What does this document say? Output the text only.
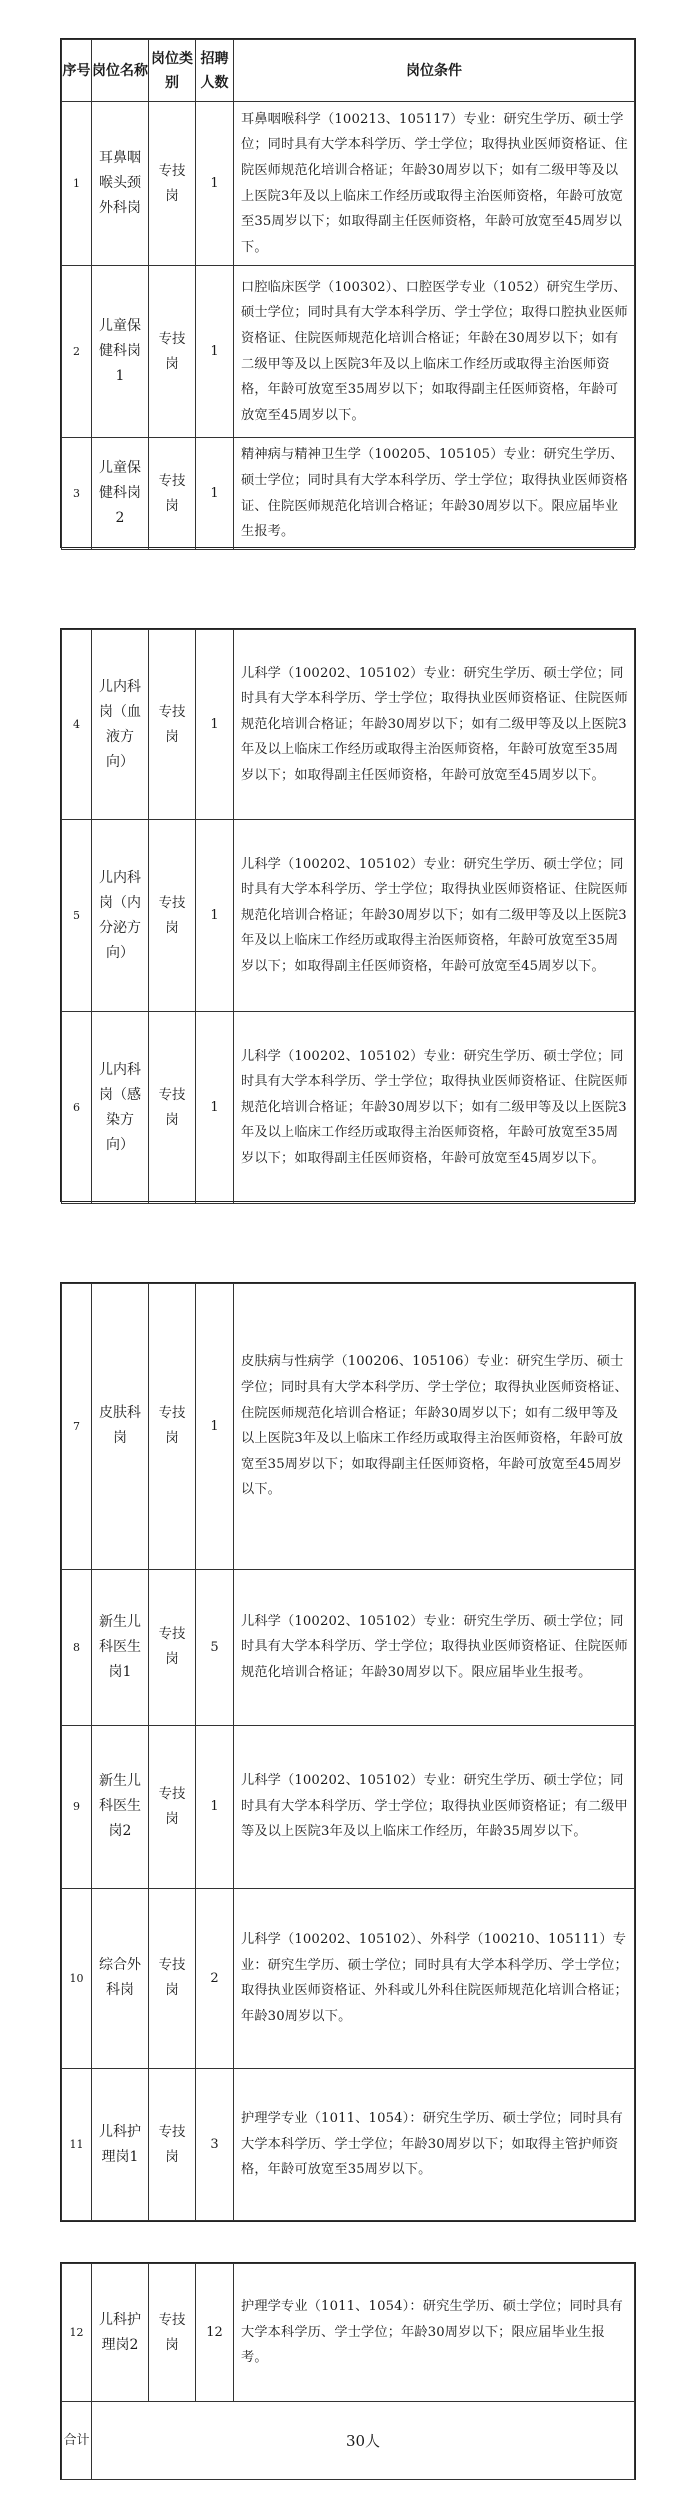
序号	岗位名称	岗位类别	招聘人数	岗位条件
1	耳鼻咽喉头颈外科岗	专技岗	1	耳鼻咽喉科学（100213、105117）专业：研究生学历、硕士学位；同时具有大学本科学历、学士学位；取得执业医师资格证、住院医师规范化培训合格证；年龄30周岁以下；如有二级甲等及以上医院3年及以上临床工作经历或取得主治医师资格，年龄可放宽至35周岁以下；如取得副主任医师资格，年龄可放宽至45周岁以下。
2	儿童保健科岗1	专技岗	1	口腔临床医学（100302）、口腔医学专业（1052）研究生学历、硕士学位；同时具有大学本科学历、学士学位；取得口腔执业医师资格证、住院医师规范化培训合格证；年龄在30周岁以下；如有二级甲等及以上医院3年及以上临床工作经历或取得主治医师资格，年龄可放宽至35周岁以下；如取得副主任医师资格，年龄可放宽至45周岁以下。
3	儿童保健科岗2	专技岗	1	精神病与精神卫生学（100205、105105）专业：研究生学历、硕士学位；同时具有大学本科学历、学士学位；取得执业医师资格证、住院医师规范化培训合格证；年龄30周岁以下。限应届毕业生报考。
4	儿内科岗（血液方向）	专技岗	1	儿科学（100202、105102）专业：研究生学历、硕士学位；同时具有大学本科学历、学士学位；取得执业医师资格证、住院医师规范化培训合格证；年龄30周岁以下；如有二级甲等及以上医院3年及以上临床工作经历或取得主治医师资格，年龄可放宽至35周岁以下；如取得副主任医师资格，年龄可放宽至45周岁以下。
5	儿内科岗（内分泌方向）	专技岗	1	儿科学（100202、105102）专业：研究生学历、硕士学位；同时具有大学本科学历、学士学位；取得执业医师资格证、住院医师规范化培训合格证；年龄30周岁以下；如有二级甲等及以上医院3年及以上临床工作经历或取得主治医师资格，年龄可放宽至35周岁以下；如取得副主任医师资格，年龄可放宽至45周岁以下。
6	儿内科岗（感染方向）	专技岗	1	儿科学（100202、105102）专业：研究生学历、硕士学位；同时具有大学本科学历、学士学位；取得执业医师资格证、住院医师规范化培训合格证；年龄30周岁以下；如有二级甲等及以上医院3年及以上临床工作经历或取得主治医师资格，年龄可放宽至35周岁以下；如取得副主任医师资格，年龄可放宽至45周岁以下。
7	皮肤科岗	专技岗	1	皮肤病与性病学（100206、105106）专业：研究生学历、硕士学位；同时具有大学本科学历、学士学位；取得执业医师资格证、住院医师规范化培训合格证；年龄30周岁以下；如有二级甲等及以上医院3年及以上临床工作经历或取得主治医师资格，年龄可放宽至35周岁以下；如取得副主任医师资格，年龄可放宽至45周岁以下。
8	新生儿科医生岗1	专技岗	5	儿科学（100202、105102）专业：研究生学历、硕士学位；同时具有大学本科学历、学士学位；取得执业医师资格证、住院医师规范化培训合格证；年龄30周岁以下。限应届毕业生报考。
9	新生儿科医生岗2	专技岗	1	儿科学（100202、105102）专业：研究生学历、硕士学位；同时具有大学本科学历、学士学位；取得执业医师资格证；有二级甲等及以上医院3年及以上临床工作经历，年龄35周岁以下。
10	综合外科岗	专技岗	2	儿科学（100202、105102）、外科学（100210、105111）专业：研究生学历、硕士学位；同时具有大学本科学历、学士学位；取得执业医师资格证、外科或儿外科住院医师规范化培训合格证；年龄30周岁以下。
11	儿科护理岗1	专技岗	3	护理学专业（1011、1054）：研究生学历、硕士学位；同时具有大学本科学历、学士学位；年龄30周岁以下；如取得主管护师资格，年龄可放宽至35周岁以下。
12	儿科护理岗2	专技岗	12	护理学专业（1011、1054）：研究生学历、硕士学位；同时具有大学本科学历、学士学位；年龄30周岁以下；限应届毕业生报考。
合计	30人			
